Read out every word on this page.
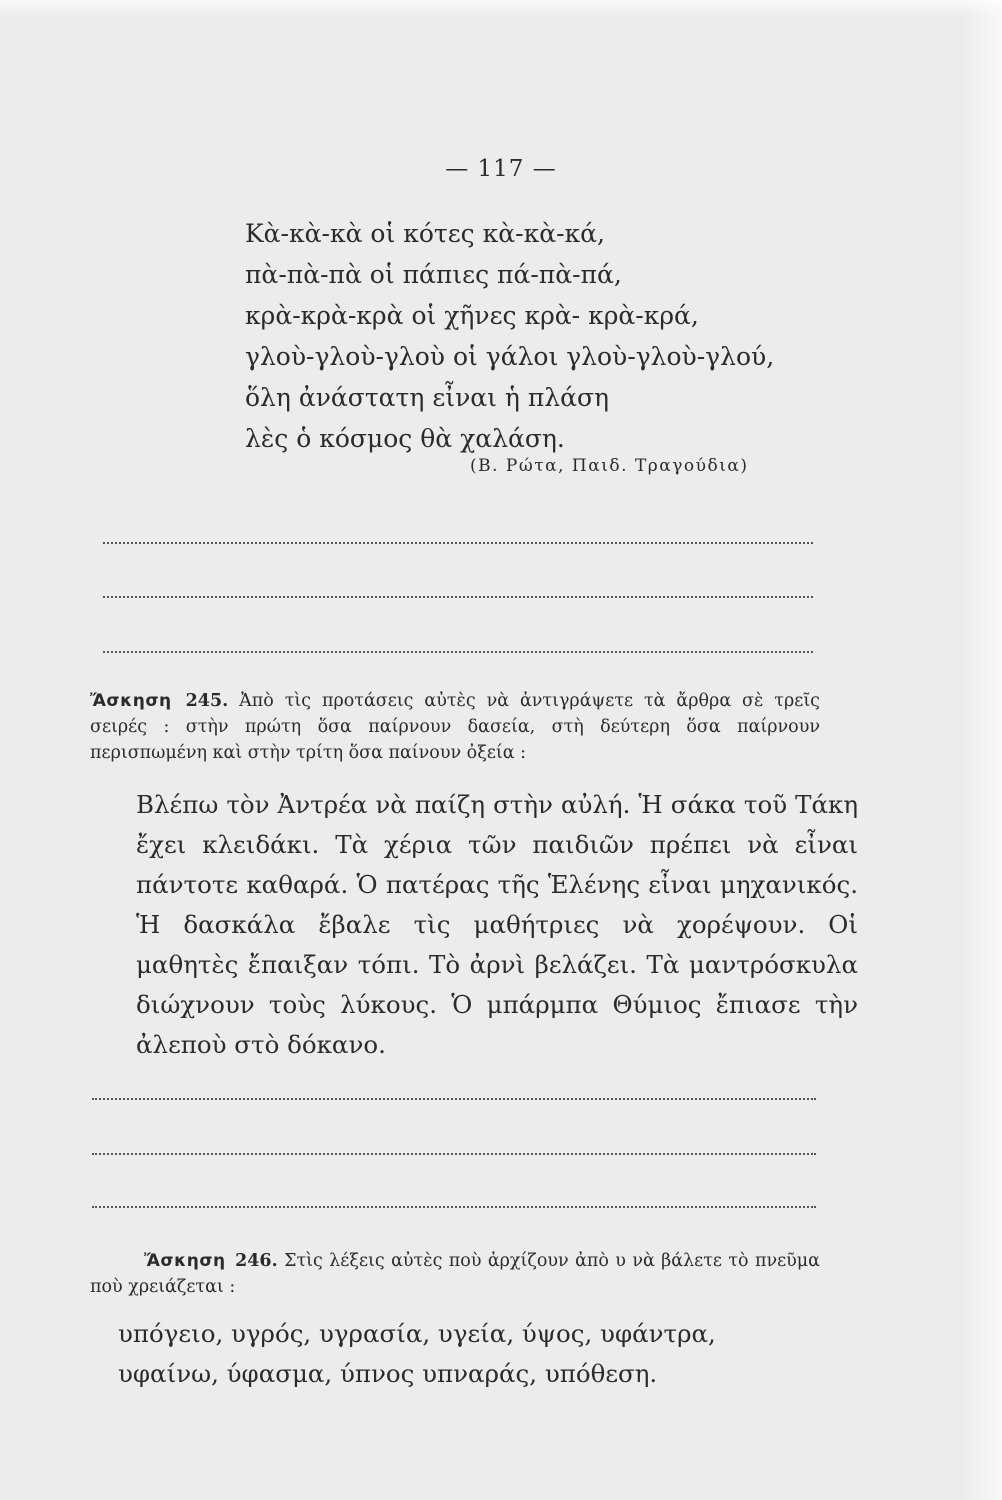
— 117 —
Κὰ-κὰ-κὰ οἱ κότες κὰ-κὰ-κά,
πὰ-πὰ-πὰ οἱ πάπιες πά-πὰ-πά,
κρὰ-κρὰ-κρὰ οἱ χῆνες κρὰ- κρὰ-κρά,
γλοὺ-γλοὺ-γλοὺ οἱ γάλοι γλοὺ-γλοὺ-γλού,
ὅλη ἀνάστατη εἶναι ἡ πλάση
λὲς ὁ κόσμος θὰ χαλάση.
(Β. Ρώτα, Παιδ. Τραγούδια)
Ἄσκηση 245. Ἀπὸ τὶς προτάσεις αὐτὲς νὰ ἀντιγράψετε τὰ ἄρθρα σὲ τρεῖς σειρές : στὴν πρώτη ὅσα παίρνουν δασεία, στὴ δεύτερη ὅσα παίρνουν περισπωμένη καὶ στὴν τρίτη ὅσα παίνουν ὀξεία :
Βλέπω τὸν Ἀντρέα νὰ παίζη στὴν αὐλή. Ἡ σάκα τοῦ Τάκη ἔχει κλειδάκι. Τὰ χέρια τῶν παιδιῶν πρέπει νὰ εἶναι πάντοτε καθαρά. Ὁ πατέρας τῆς Ἑλένης εἶναι μηχανικός. Ἡ δασκάλα ἔβαλε τὶς μαθήτριες νὰ χορέψουν. Οἱ μαθητὲς ἔπαιξαν τόπι. Τὸ ἀρνὶ βελάζει. Τὰ μαντρόσκυλα διώχνουν τοὺς λύκους. Ὁ μπάρμπα Θύμιος ἔπιασε τὴν ἀλεποὺ στὸ δόκανο.
Ἄσκηση 246. Στὶς λέξεις αὐτὲς ποὺ ἀρχίζουν ἀπὸ υ νὰ βάλετε τὸ πνεῦμα ποὺ χρειάζεται :
υπόγειο, υγρός, υγρασία, υγεία, ύψος, υφάντρα,
υφαίνω, ύφασμα, ύπνος υπναράς, υπόθεση.
